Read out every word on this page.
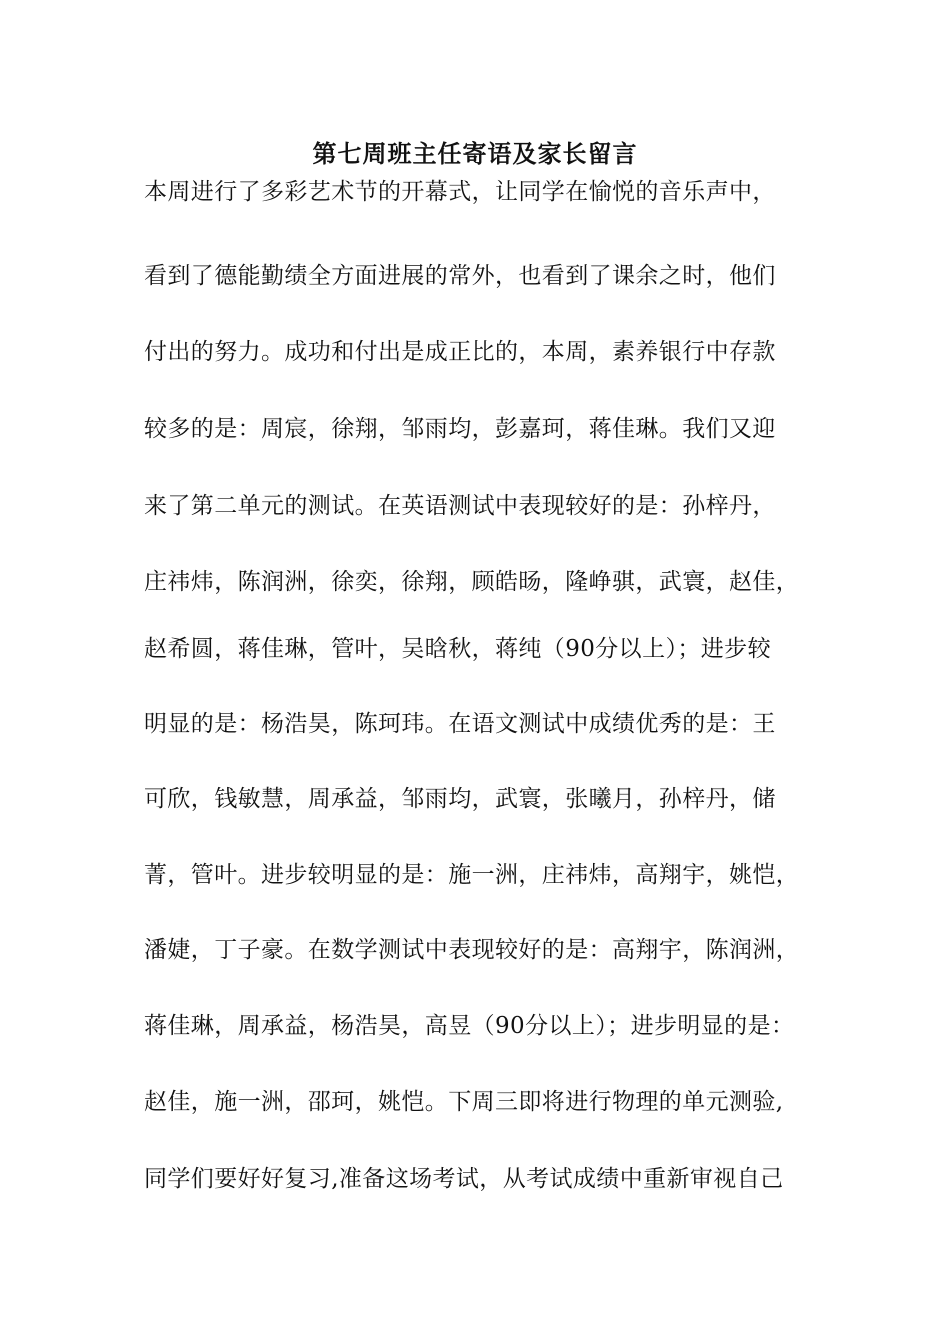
第七周班主任寄语及家长留言

本周进行了多彩艺术节的开幕式，让同学在愉悦的音乐声中，

看到了德能勤绩全方面进展的常外，也看到了课余之时，他们

付出的努力。成功和付出是成正比的，本周，素养银行中存款

较多的是：周宸，徐翔，邹雨均，彭嘉珂，蒋佳琳。我们又迎

来了第二单元的测试。在英语测试中表现较好的是：孙梓丹，

庄祎炜，陈润洲，徐奕，徐翔，顾皓旸，隆峥骐，武寰，赵佳，

赵希圆，蒋佳琳，管叶，吴晗秋，蒋纯（90分以上）；进步较

明显的是：杨浩昊，陈珂玮。在语文测试中成绩优秀的是：王

可欣，钱敏慧，周承益，邹雨均，武寰，张曦月，孙梓丹，储

菁，管叶。进步较明显的是：施一洲，庄祎炜，高翔宇，姚恺，

潘婕，丁子豪。在数学测试中表现较好的是：高翔宇，陈润洲，

蒋佳琳，周承益，杨浩昊，高昱（90分以上）；进步明显的是：

赵佳，施一洲，邵珂，姚恺。下周三即将进行物理的单元测验,

同学们要好好复习,准备这场考试，从考试成绩中重新审视自己
